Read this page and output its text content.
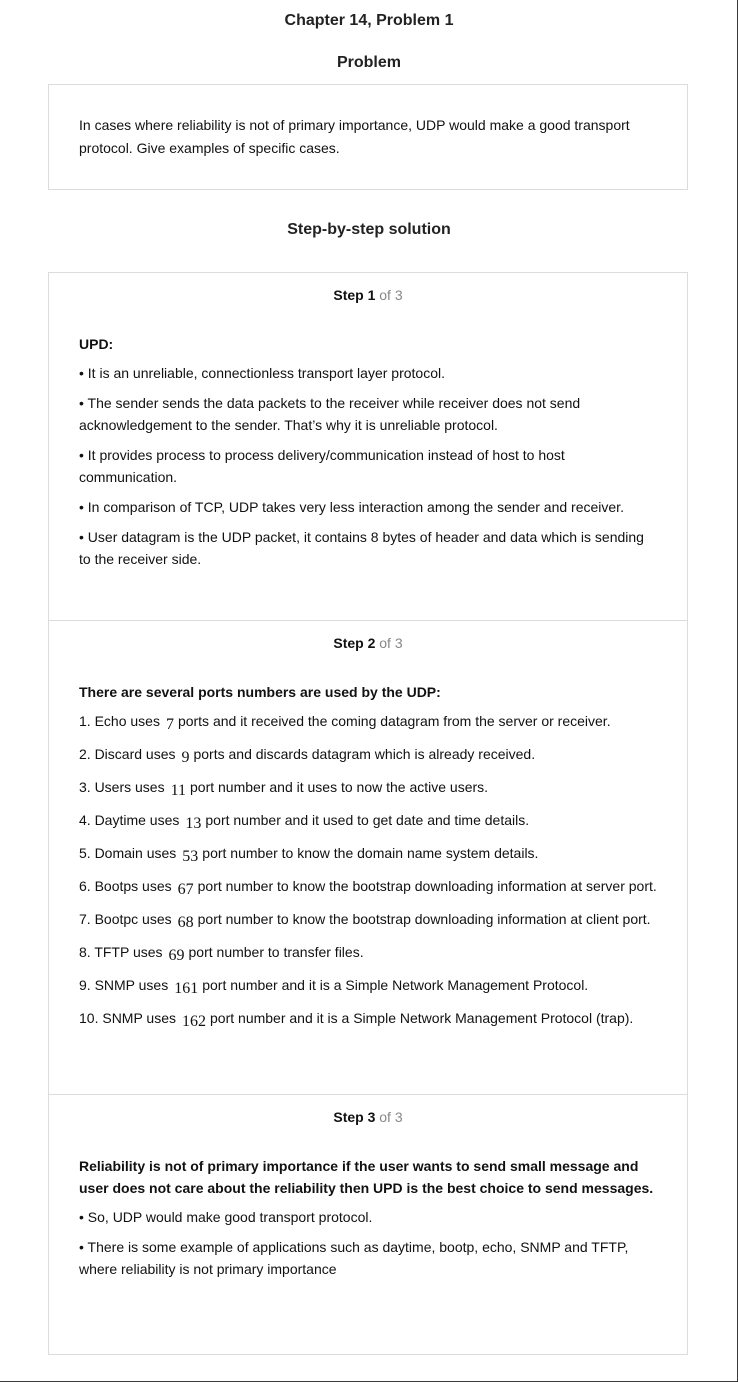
Chapter 14, Problem 1
Problem
In cases where reliability is not of primary importance, UDP would make a good transport protocol. Give examples of specific cases.
Step-by-step solution
Step 1 of 3
UPD:
• It is an unreliable, connectionless transport layer protocol.
• The sender sends the data packets to the receiver while receiver does not send acknowledgement to the sender. That’s why it is unreliable protocol.
• It provides process to process delivery/communication instead of host to host communication.
• In comparison of TCP, UDP takes very less interaction among the sender and receiver.
• User datagram is the UDP packet, it contains 8 bytes of header and data which is sending to the receiver side.
Step 2 of 3
There are several ports numbers are used by the UDP:
1. Echo uses 7 ports and it received the coming datagram from the server or receiver.
2. Discard uses 9 ports and discards datagram which is already received.
3. Users uses 11 port number and it uses to now the active users.
4. Daytime uses 13 port number and it used to get date and time details.
5. Domain uses 53 port number to know the domain name system details.
6. Bootps uses 67 port number to know the bootstrap downloading information at server port.
7. Bootpc uses 68 port number to know the bootstrap downloading information at client port.
8. TFTP uses 69 port number to transfer files.
9. SNMP uses 161 port number and it is a Simple Network Management Protocol.
10. SNMP uses 162 port number and it is a Simple Network Management Protocol (trap).
Step 3 of 3
Reliability is not of primary importance if the user wants to send small message and user does not care about the reliability then UPD is the best choice to send messages.
• So, UDP would make good transport protocol.
• There is some example of applications such as daytime, bootp, echo, SNMP and TFTP, where reliability is not primary importance
